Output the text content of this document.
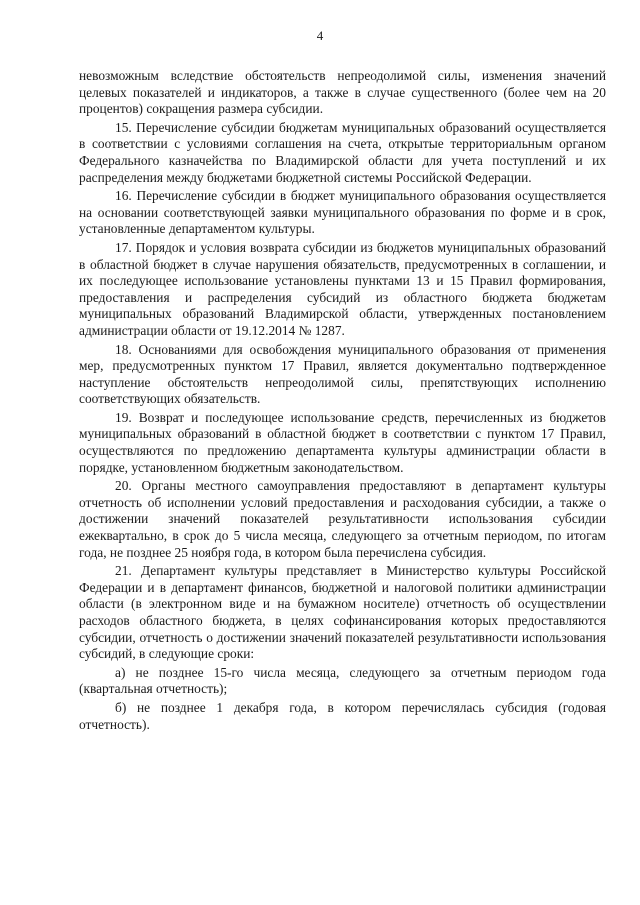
4

невозможным вследствие обстоятельств непреодолимой силы, изменения значений целевых показателей и индикаторов, а также в случае существенного (более чем на 20 процентов) сокращения размера субсидии.

15. Перечисление субсидии бюджетам муниципальных образований осуществляется в соответствии с условиями соглашения на счета, открытые территориальным органом Федерального казначейства по Владимирской области для учета поступлений и их распределения между бюджетами бюджетной системы Российской Федерации.

16. Перечисление субсидии в бюджет муниципального образования осуществляется на основании соответствующей заявки муниципального образования по форме и в срок, установленные департаментом культуры.

17. Порядок и условия возврата субсидии из бюджетов муниципальных образований в областной бюджет в случае нарушения обязательств, предусмотренных в соглашении, и их последующее использование установлены пунктами 13 и 15 Правил формирования, предоставления и распределения субсидий из областного бюджета бюджетам муниципальных образований Владимирской области, утвержденных постановлением администрации области от 19.12.2014 № 1287.

18. Основаниями для освобождения муниципального образования от применения мер, предусмотренных пунктом 17 Правил, является документально подтвержденное наступление обстоятельств непреодолимой силы, препятствующих исполнению соответствующих обязательств.

19. Возврат и последующее использование средств, перечисленных из бюджетов муниципальных образований в областной бюджет в соответствии с пунктом 17 Правил, осуществляются по предложению департамента культуры администрации области в порядке, установленном бюджетным законодательством.

20. Органы местного самоуправления предоставляют в департамент культуры отчетность об исполнении условий предоставления и расходования субсидии, а также о достижении значений показателей результативности использования субсидии ежеквартально, в срок до 5 числа месяца, следующего за отчетным периодом, по итогам года, не позднее 25 ноября года, в котором была перечислена субсидия.

21. Департамент культуры представляет в Министерство культуры Российской Федерации и в департамент финансов, бюджетной и налоговой политики администрации области (в электронном виде и на бумажном носителе) отчетность об осуществлении расходов областного бюджета, в целях софинансирования которых предоставляются субсидии, отчетность о достижении значений показателей результативности использования субсидий, в следующие сроки:

а) не позднее 15-го числа месяца, следующего за отчетным периодом года (квартальная отчетность);

б) не позднее 1 декабря года, в котором перечислялась субсидия (годовая отчетность).
